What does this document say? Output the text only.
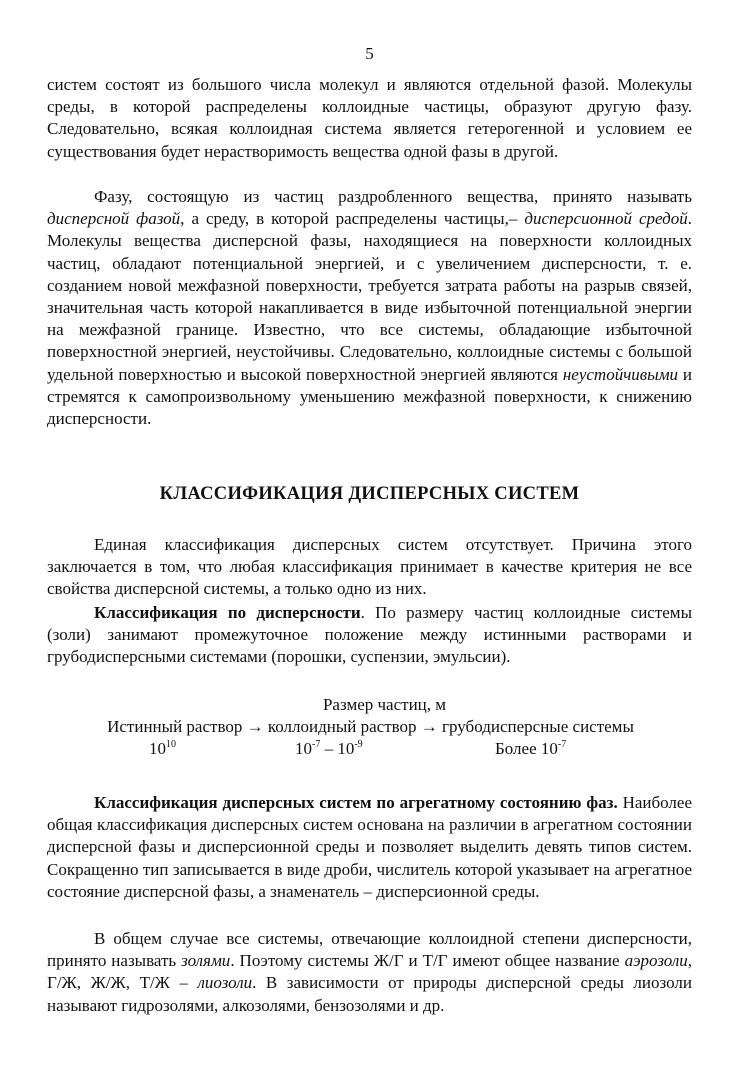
5

систем состоят из большого числа молекул и являются отдельной фазой. Молекулы среды, в которой распределены коллоидные частицы, образуют другую фазу. Следовательно, всякая коллоидная система является гетерогенной и условием ее существования будет нерастворимость вещества одной фазы в другой.

Фазу, состоящую из частиц раздробленного вещества, принято называть дисперсной фазой, а среду, в которой распределены частицы,– дисперсионной средой. Молекулы вещества дисперсной фазы, находящиеся на поверхности коллоидных частиц, обладают потенциальной энергией, и с увеличением дисперсности, т. е. созданием новой межфазной поверхности, требуется затрата работы на разрыв связей, значительная часть которой накапливается в виде избыточной потенциальной энергии на межфазной границе. Известно, что все системы, обладающие избыточной поверхностной энергией, неустойчивы. Следовательно, коллоидные системы с большой удельной поверхностью и высокой поверхностной энергией являются неустойчивыми и стремятся к самопроизвольному уменьшению межфазной поверхности, к снижению дисперсности.

КЛАССИФИКАЦИЯ ДИСПЕРСНЫХ СИСТЕМ

Единая классификация дисперсных систем отсутствует. Причина этого заключается в том, что любая классификация принимает в качестве критерия не все свойства дисперсной системы, а только одно из них.

Классификация по дисперсности. По размеру частиц коллоидные системы (золи) занимают промежуточное положение между истинными растворами и грубодисперсными системами (порошки, суспензии, эмульсии).

Размер частиц, м
Истинный раствор → коллоидный раствор → грубодисперсные системы
$10^{10}$	$10^{-7} - 10^{-9}$	Более $10^{-7}$

Классификация дисперсных систем по агрегатному состоянию фаз. Наиболее общая классификация дисперсных систем основана на различии в агрегатном состоянии дисперсной фазы и дисперсионной среды и позволяет выделить девять типов систем. Сокращенно тип записывается в виде дроби, числитель которой указывает на агрегатное состояние дисперсной фазы, а знаменатель – дисперсионной среды.

В общем случае все системы, отвечающие коллоидной степени дисперсности, принято называть золями. Поэтому системы Ж/Г и Т/Г имеют общее название аэрозоли, Г/Ж, Ж/Ж, Т/Ж – лиозоли. В зависимости от природы дисперсной среды лиозоли называют гидрозолями, алкозолями, бензозолями и др.
